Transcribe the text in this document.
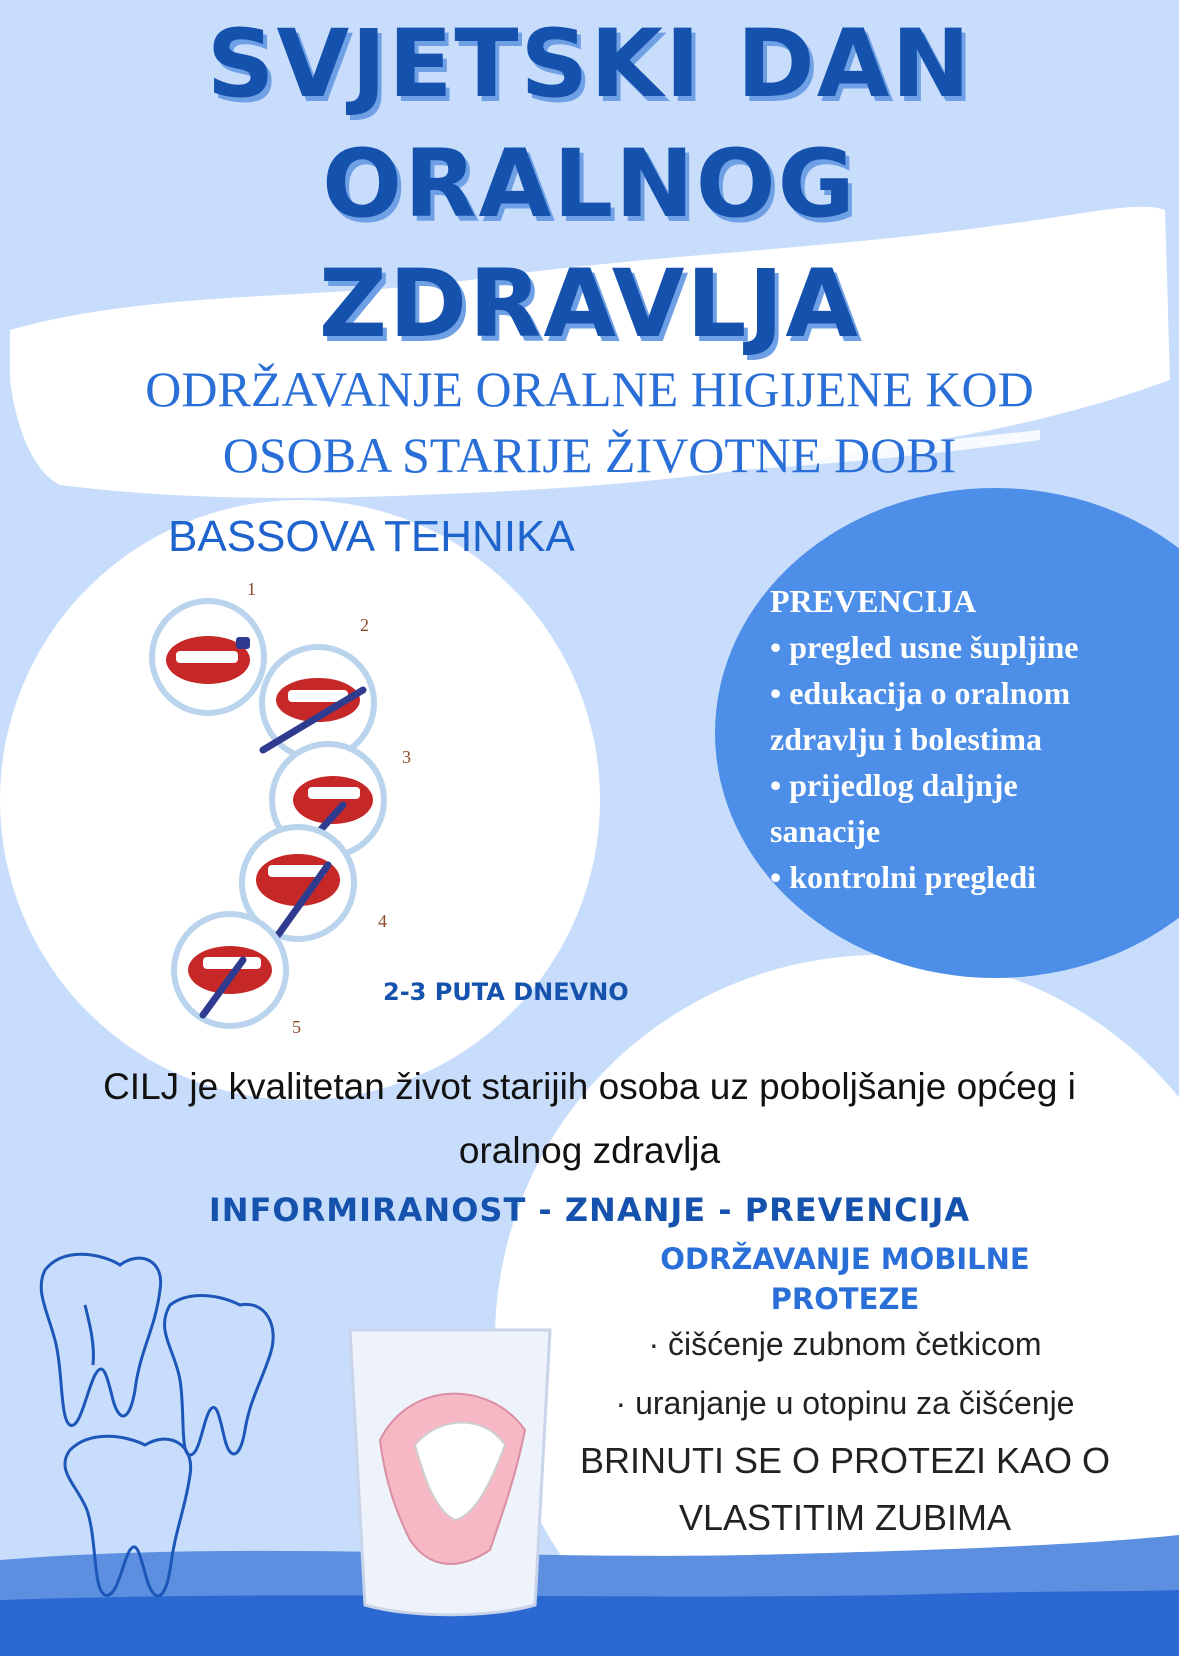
SVJETSKI DAN
ORALNOG
ZDRAVLJA
ODRŽAVANJE ORALNE HIGIJENE KOD
OSOBA STARIJE ŽIVOTNE DOBI
BASSOVA TEHNIKA
1
2
3
4
5
PREVENCIJA
• pregled usne šupljine
• edukacija o oralnom
zdravlju i bolestima
• prijedlog daljnje
sanacije
• kontrolni pregledi
2-3 PUTA DNEVNO
CILJ je kvalitetan život starijih osoba uz poboljšanje općeg i
oralnog zdravlja
INFORMIRANOST - ZNANJE - PREVENCIJA
ODRŽAVANJE MOBILNE
PROTEZE
· čišćenje zubnom četkicom
· uranjanje u otopinu za čišćenje
BRINUTI SE O PROTEZI KAO O
VLASTITIM ZUBIMA
